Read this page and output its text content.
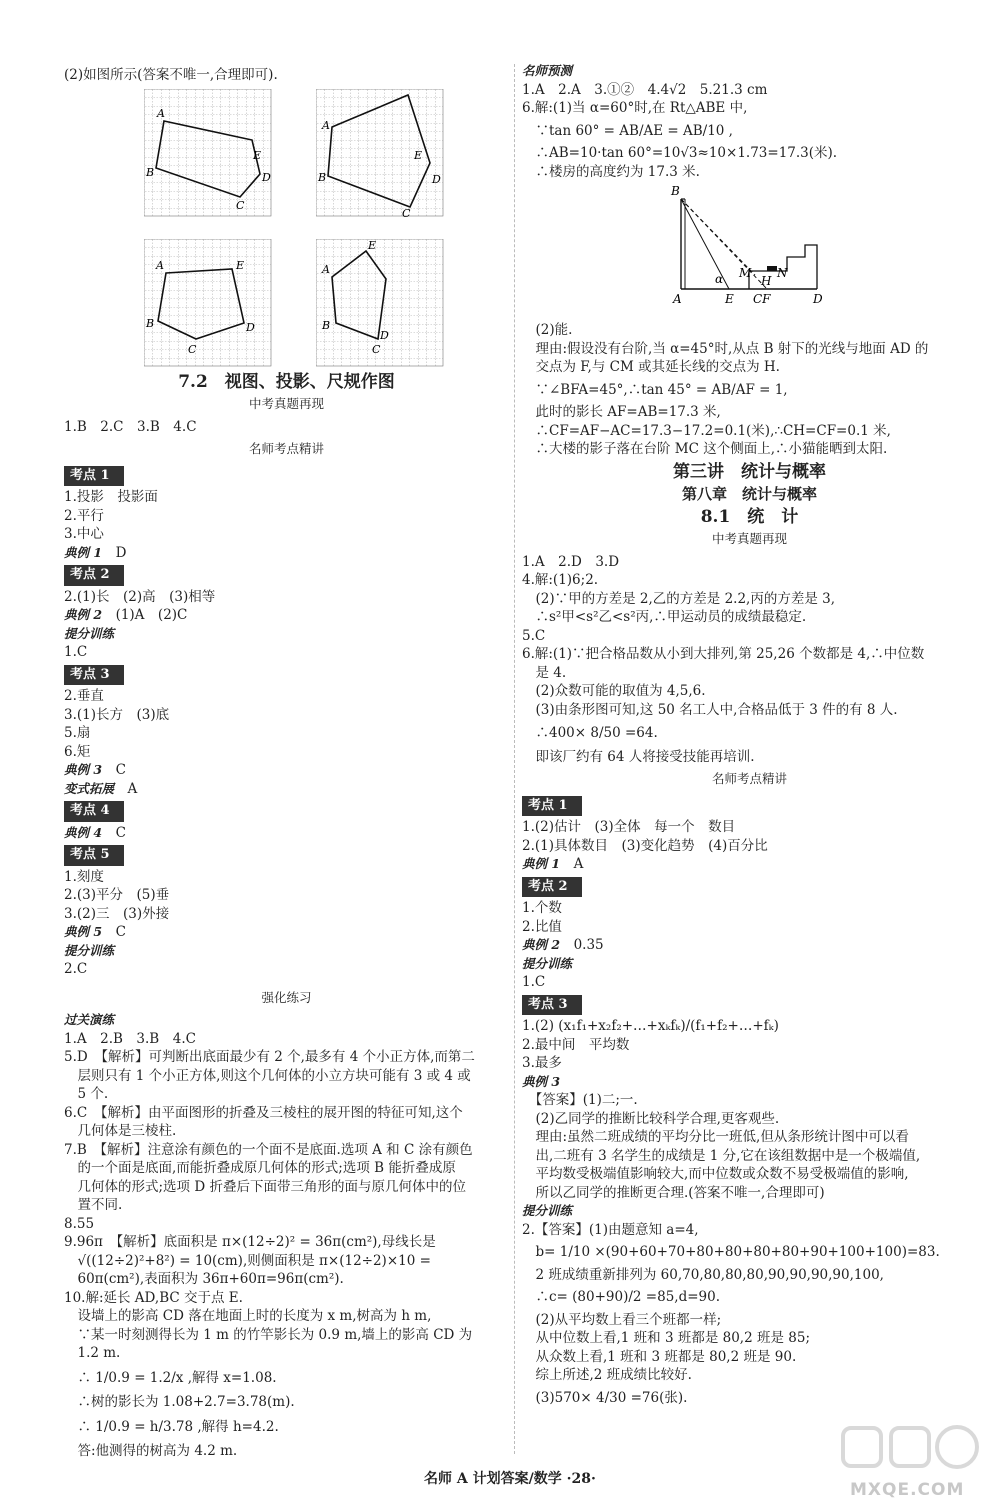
(2)如图所示(答案不唯一,合理即可).
A
E
B	D
C
A
E
B	D
C
A	E
B	D
C
E
A
B
D
C
7.2　视图、投影、尺规作图
中考真题再现
1.B　2.C　3.B　4.C
名师考点精讲
考点 1
1.投影　投影面
2.平行
3.中心
典例 1　 D
考点 2
2.(1)长　(2)高　(3)相等
典例 2　 (1)A　(2)C
提分训练
1.C
考点 3
2.垂直
3.(1)长方　(3)底
5.扇
6.矩
典例 3　 C
变式拓展　 A
考点 4
典例 4　 C
考点 5
1.刻度
2.(3)平分　(5)垂
3.(2)三　(3)外接
典例 5　 C
提分训练
2.C
强化练习
过关演练
1.A　2.B　3.B　4.C
5.D　【解析】可判断出底面最少有 2 个,最多有 4 个小正方体,而第二
　层则只有 1 个小正方体,则这个几何体的小立方块可能有 3 或 4 或
　5 个.
6.C　【解析】由平面图形的折叠及三棱柱的展开图的特征可知,这个
　几何体是三棱柱.
7.B　【解析】注意涂有颜色的一个面不是底面.选项 A 和 C 涂有颜色
　的一个面是底面,而能折叠成原几何体的形式;选项 B 能折叠成原
　几何体的形式;选项 D 折叠后下面带三角形的面与原几何体中的位
　置不同.
8.55
9.96π　【解析】底面积是 π×(12÷2)² = 36π(cm²),母线长是
　√((12÷2)²+8²) = 10(cm),则侧面积是 π×(12÷2)×10 =
　60π(cm²),表面积为 36π+60π=96π(cm²).
10.解:延长 AD,BC 交于点 E.
　设墙上的影高 CD 落在地面上时的长度为 x m,树高为 h m,
　∵某一时刻测得长为 1 m 的竹竿影长为 0.9 m,墙上的影高 CD 为
　1.2 m.
　∴ 1/0.9 = 1.2/x ,解得 x=1.08.
　∴树的影长为 1.08+2.7=3.78(m).
　∴ 1/0.9 = h/3.78 ,解得 h=4.2.
　答:他测得的树高为 4.2 m.
名师预测
1.A　2.A　3.①②　4.4√2　5.21.3 cm
6.解:(1)当 α=60°时,在 Rt△ABE 中,
　∵tan 60° = AB/AE = AB/10 ,
　∴AB=10·tan 60°=10√3≈10×1.73=17.3(米).
　∴楼房的高度约为 17.3 米.
B
α M
H
N
A	E CF	D
　(2)能.
　理由:假设没有台阶,当 α=45°时,从点 B 射下的光线与地面 AD 的
　交点为 F,与 CM 或其延长线的交点为 H.
　∵∠BFA=45°,∴tan 45° = AB/AF = 1,
　此时的影长 AF=AB=17.3 米,
　∴CF=AF−AC=17.3−17.2=0.1(米),∴CH=CF=0.1 米,
　∴大楼的影子落在台阶 MC 这个侧面上,∴小猫能晒到太阳.
第三讲　统计与概率
第八章　统计与概率
8.1　统　计
中考真题再现
1.A　2.D　3.D
4.解:(1)6;2.
　(2)∵甲的方差是 2,乙的方差是 2.2,丙的方差是 3,
　∴s²甲<s²乙<s²丙,∴甲运动员的成绩最稳定.
5.C
6.解:(1)∵把合格品数从小到大排列,第 25,26 个数都是 4,∴中位数
　是 4.
　(2)众数可能的取值为 4,5,6.
　(3)由条形图可知,这 50 名工人中,合格品低于 3 件的有 8 人.
　∴400× 8/50 =64.
　即该厂约有 64 人将接受技能再培训.
名师考点精讲
考点 1
1.(2)估计　(3)全体　每一个　数目
2.(1)具体数目　(3)变化趋势　(4)百分比
典例 1　 A
考点 2
1.个数
2.比值
典例 2　 0.35
提分训练
1.C
考点 3
1.(2) (x₁f₁+x₂f₂+…+xₖfₖ)/(f₁+f₂+…+fₖ)
2.最中间　平均数
3.最多
典例 3
　【答案】(1)二;一.
　(2)乙同学的推断比较科学合理,更客观些.
　理由:虽然二班成绩的平均分比一班低,但从条形统计图中可以看
　出,二班有 3 名学生的成绩是 1 分,它在该组数据中是一个极端值,
　平均数受极端值影响较大,而中位数或众数不易受极端值的影响,
　所以乙同学的推断更合理.(答案不唯一,合理即可)
提分训练
2.【答案】(1)由题意知 a=4,
　b= 1/10 ×(90+60+70+80+80+80+80+90+100+100)=83.
　2 班成绩重新排列为 60,70,80,80,80,90,90,90,90,100,
　∴c= (80+90)/2 =85,d=90.
　(2)从平均数上看三个班都一样;
　从中位数上看,1 班和 3 班都是 80,2 班是 85;
　从众数上看,1 班和 3 班都是 80,2 班是 90.
　综上所述,2 班成绩比较好.
　(3)570× 4/30 =76(张).
名师 A 计划答案/数学 ·28·
MXQE.COM
